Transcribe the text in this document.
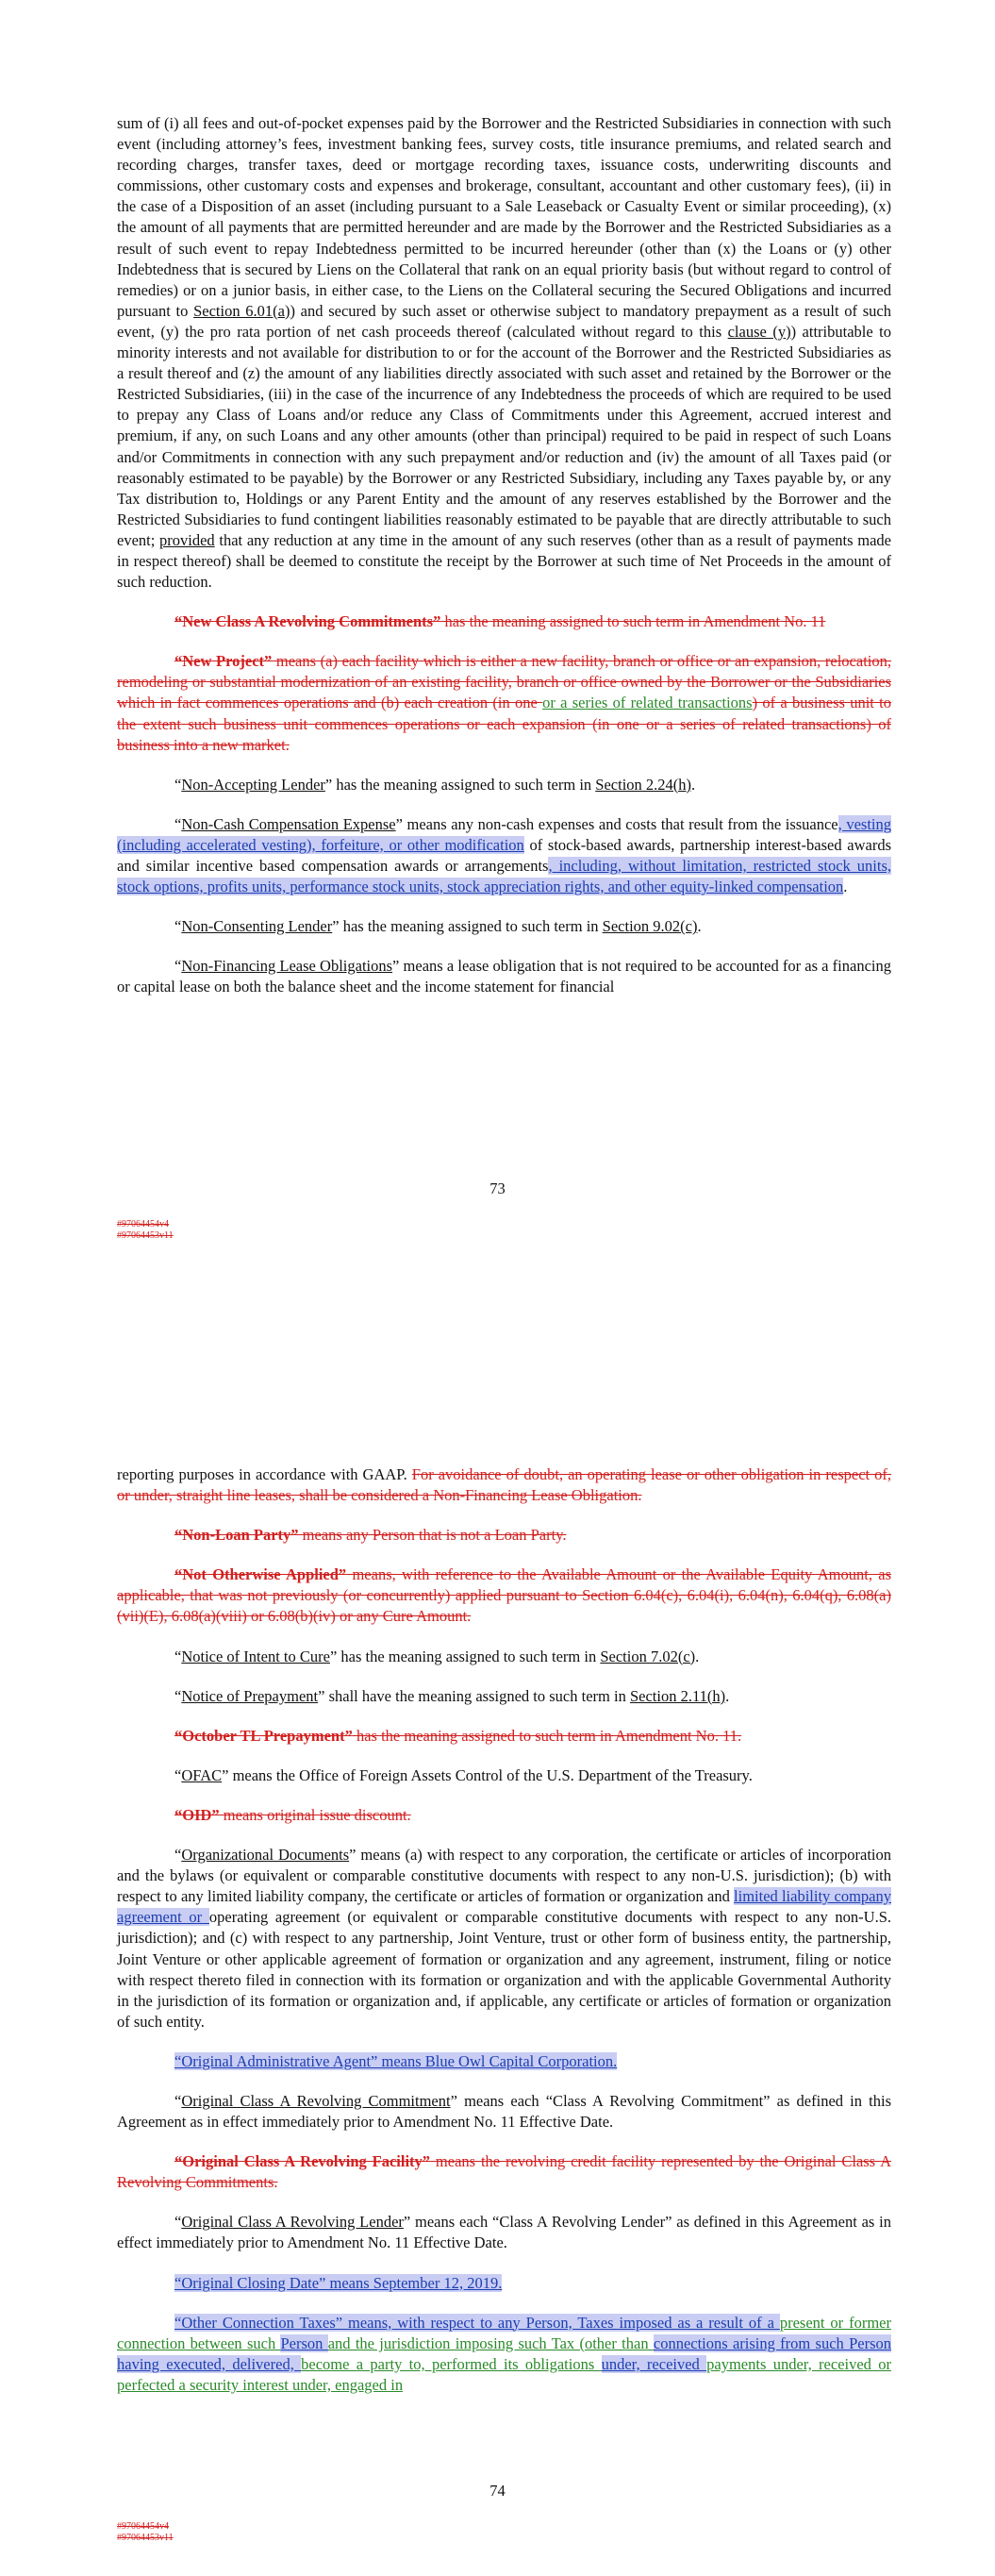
sum of (i) all fees and out-of-pocket expenses paid by the Borrower and the Restricted Subsidiaries in connection with such event (including attorney’s fees, investment banking fees, survey costs, title insurance premiums, and related search and recording charges, transfer taxes, deed or mortgage recording taxes, issuance costs, underwriting discounts and commissions, other customary costs and expenses and brokerage, consultant, accountant and other customary fees), (ii) in the case of a Disposition of an asset (including pursuant to a Sale Leaseback or Casualty Event or similar proceeding), (x) the amount of all payments that are permitted hereunder and are made by the Borrower and the Restricted Subsidiaries as a result of such event to repay Indebtedness permitted to be incurred hereunder (other than (x) the Loans or (y) other Indebtedness that is secured by Liens on the Collateral that rank on an equal priority basis (but without regard to control of remedies) or on a junior basis, in either case, to the Liens on the Collateral securing the Secured Obligations and incurred pursuant to Section 6.01(a)) and secured by such asset or otherwise subject to mandatory prepayment as a result of such event, (y) the pro rata portion of net cash proceeds thereof (calculated without regard to this clause (y)) attributable to minority interests and not available for distribution to or for the account of the Borrower and the Restricted Subsidiaries as a result thereof and (z) the amount of any liabilities directly associated with such asset and retained by the Borrower or the Restricted Subsidiaries, (iii) in the case of the incurrence of any Indebtedness the proceeds of which are required to be used to prepay any Class of Loans and/or reduce any Class of Commitments under this Agreement, accrued interest and premium, if any, on such Loans and any other amounts (other than principal) required to be paid in respect of such Loans and/or Commitments in connection with any such prepayment and/or reduction and (iv) the amount of all Taxes paid (or reasonably estimated to be payable) by the Borrower or any Restricted Subsidiary, including any Taxes payable by, or any Tax distribution to, Holdings or any Parent Entity and the amount of any reserves established by the Borrower and the Restricted Subsidiaries to fund contingent liabilities reasonably estimated to be payable that are directly attributable to such event; provided that any reduction at any time in the amount of any such reserves (other than as a result of payments made in respect thereof) shall be deemed to constitute the receipt by the Borrower at such time of Net Proceeds in the amount of such reduction.

“New Class A Revolving Commitments” has the meaning assigned to such term in Amendment No. 11

“New Project” means (a) each facility which is either a new facility, branch or office or an expansion, relocation, remodeling or substantial modernization of an existing facility, branch or office owned by the Borrower or the Subsidiaries which in fact commences operations and (b) each creation (in one or a series of related transactions) of a business unit to the extent such business unit commences operations or each expansion (in one or a series of related transactions) of business into a new market.

“Non-Accepting Lender” has the meaning assigned to such term in Section 2.24(h).

“Non-Cash Compensation Expense” means any non-cash expenses and costs that result from the issuance, vesting (including accelerated vesting), forfeiture, or other modification of stock-based awards, partnership interest-based awards and similar incentive based compensation awards or arrangements, including, without limitation, restricted stock units, stock options, profits units, performance stock units, stock appreciation rights, and other equity-linked compensation.

“Non-Consenting Lender” has the meaning assigned to such term in Section 9.02(c).

“Non-Financing Lease Obligations” means a lease obligation that is not required to be accounted for as a financing or capital lease on both the balance sheet and the income statement for financial

73
#97064454v4
#97064453v11

reporting purposes in accordance with GAAP. For avoidance of doubt, an operating lease or other obligation in respect of, or under, straight line leases, shall be considered a Non-Financing Lease Obligation.

“Non-Loan Party” means any Person that is not a Loan Party.

“Not Otherwise Applied” means, with reference to the Available Amount or the Available Equity Amount, as applicable, that was not previously (or concurrently) applied pursuant to Section 6.04(c), 6.04(i), 6.04(n), 6.04(q), 6.08(a)(vii)(E), 6.08(a)(viii) or 6.08(b)(iv) or any Cure Amount.

“Notice of Intent to Cure” has the meaning assigned to such term in Section 7.02(c).

“Notice of Prepayment” shall have the meaning assigned to such term in Section 2.11(h).

“October TL Prepayment” has the meaning assigned to such term in Amendment No. 11.

“OFAC” means the Office of Foreign Assets Control of the U.S. Department of the Treasury.

“OID” means original issue discount.

“Organizational Documents” means (a) with respect to any corporation, the certificate or articles of incorporation and the bylaws (or equivalent or comparable constitutive documents with respect to any non-U.S. jurisdiction); (b) with respect to any limited liability company, the certificate or articles of formation or organization and limited liability company agreement or operating agreement (or equivalent or comparable constitutive documents with respect to any non-U.S. jurisdiction); and (c) with respect to any partnership, Joint Venture, trust or other form of business entity, the partnership, Joint Venture or other applicable agreement of formation or organization and any agreement, instrument, filing or notice with respect thereto filed in connection with its formation or organization and with the applicable Governmental Authority in the jurisdiction of its formation or organization and, if applicable, any certificate or articles of formation or organization of such entity.

“Original Administrative Agent” means Blue Owl Capital Corporation.

“Original Class A Revolving Commitment” means each “Class A Revolving Commitment” as defined in this Agreement as in effect immediately prior to Amendment No. 11 Effective Date.

“Original Class A Revolving Facility” means the revolving credit facility represented by the Original Class A Revolving Commitments.

“Original Class A Revolving Lender” means each “Class A Revolving Lender” as defined in this Agreement as in effect immediately prior to Amendment No. 11 Effective Date.

“Original Closing Date” means September 12, 2019.

“Other Connection Taxes” means, with respect to any Person, Taxes imposed as a result of a present or former connection between such Person and the jurisdiction imposing such Tax (other than connections arising from such Person having executed, delivered, become a party to, performed its obligations under, received payments under, received or perfected a security interest under, engaged in

74
#97064454v4
#97064453v11
